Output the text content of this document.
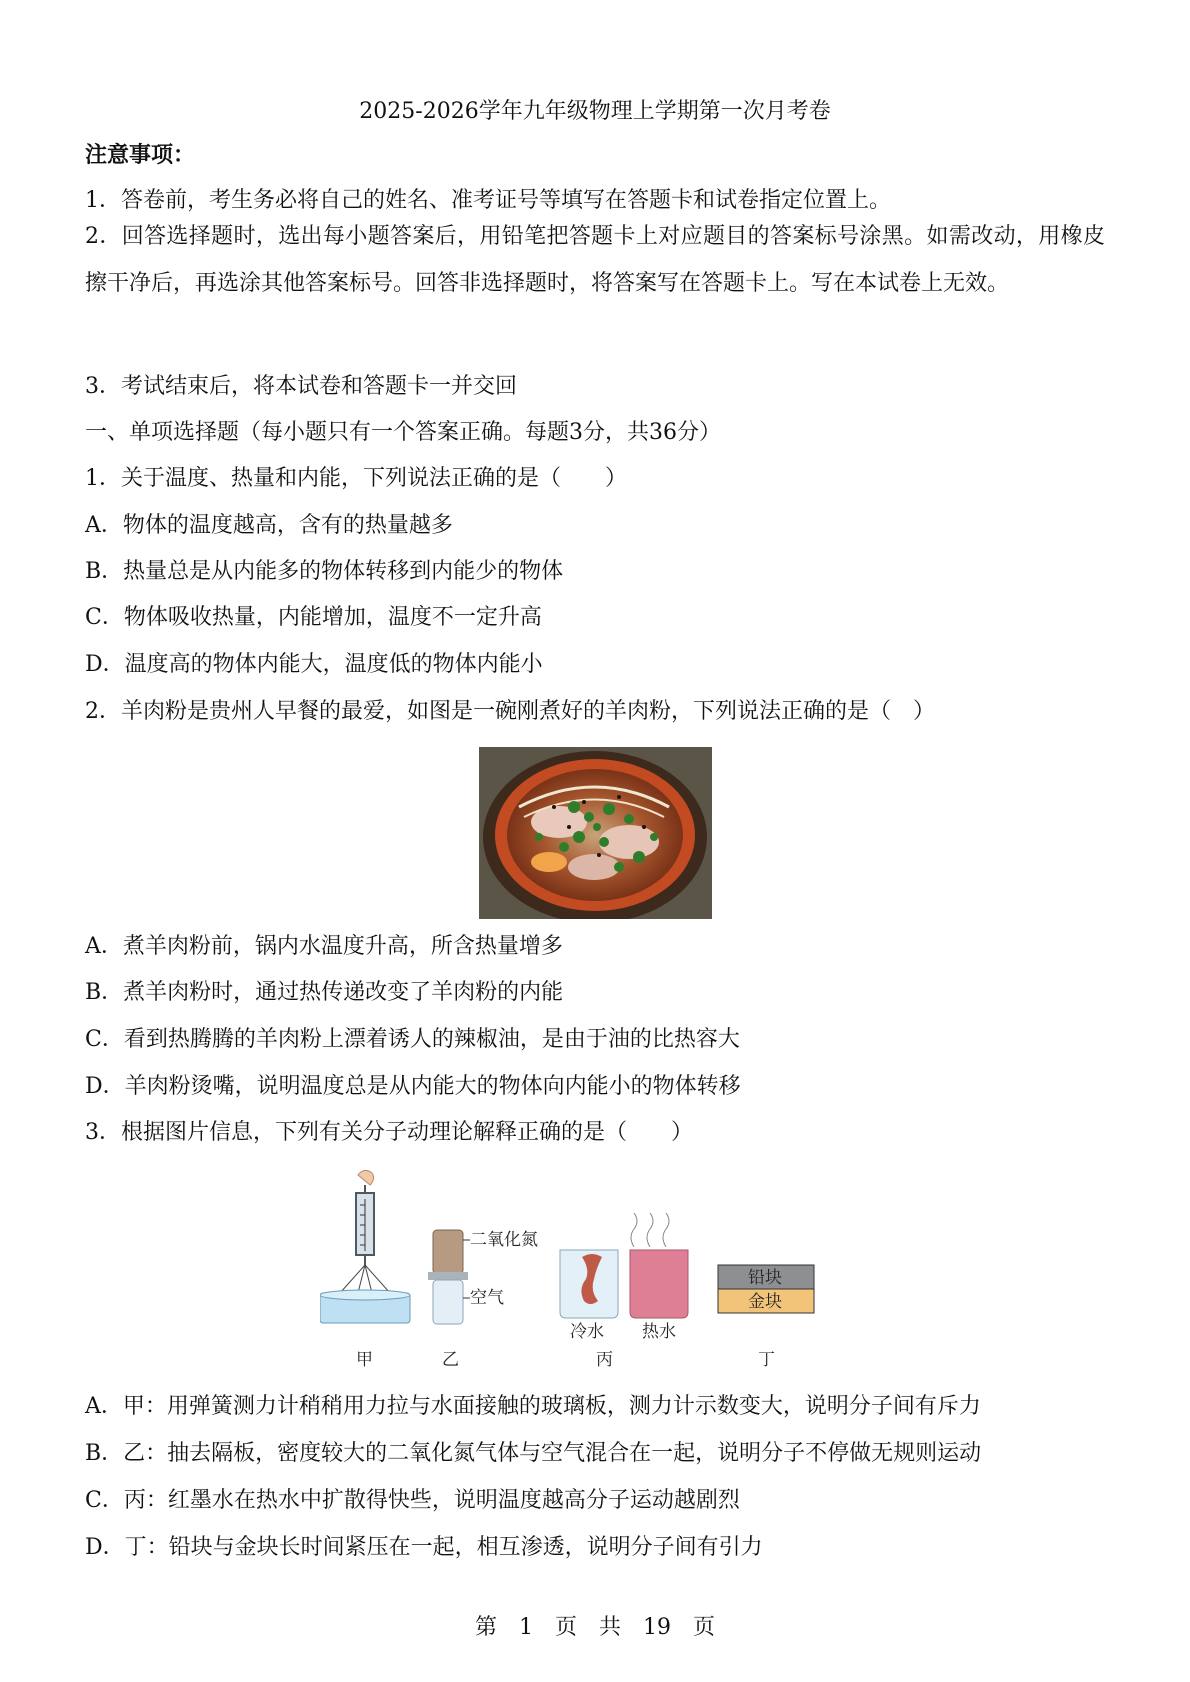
2025-2026学年九年级物理上学期第一次月考卷
注意事项：
1．答卷前，考生务必将自己的姓名、准考证号等填写在答题卡和试卷指定位置上。
2．回答选择题时，选出每小题答案后，用铅笔把答题卡上对应题目的答案标号涂黑。如需改动，用橡皮擦干净后，再选涂其他答案标号。回答非选择题时，将答案写在答题卡上。写在本试卷上无效。
3．考试结束后，将本试卷和答题卡一并交回
一、单项选择题（每小题只有一个答案正确。每题3分，共36分）
1．关于温度、热量和内能，下列说法正确的是（　　）
A．物体的温度越高，含有的热量越多
B．热量总是从内能多的物体转移到内能少的物体
C．物体吸收热量，内能增加，温度不一定升高
D．温度高的物体内能大，温度低的物体内能小
2．羊肉粉是贵州人早餐的最爱，如图是一碗刚煮好的羊肉粉，下列说法正确的是（　）
A．煮羊肉粉前，锅内水温度升高，所含热量增多
B．煮羊肉粉时，通过热传递改变了羊肉粉的内能
C．看到热腾腾的羊肉粉上漂着诱人的辣椒油，是由于油的比热容大
D．羊肉粉烫嘴，说明温度总是从内能大的物体向内能小的物体转移
3．根据图片信息，下列有关分子动理论解释正确的是（　　）
二氧化氮
空气
冷水 热水
铅块
金块
甲	乙	丙	丁
A．甲：用弹簧测力计稍稍用力拉与水面接触的玻璃板，测力计示数变大，说明分子间有斥力
B．乙：抽去隔板，密度较大的二氧化氮气体与空气混合在一起，说明分子不停做无规则运动
C．丙：红墨水在热水中扩散得快些，说明温度越高分子运动越剧烈
D．丁：铅块与金块长时间紧压在一起，相互渗透，说明分子间有引力
第　1　页　共　19　页
